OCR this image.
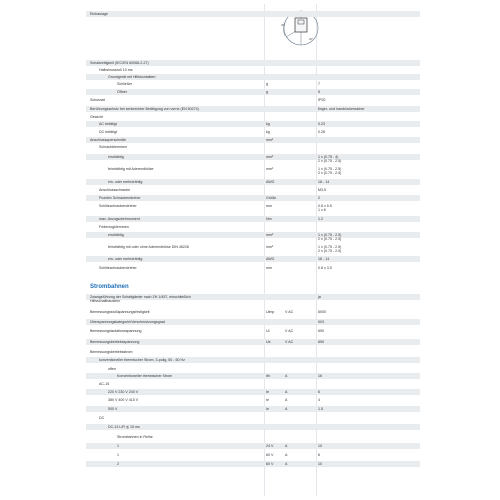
30°
30°
Einbaulage
Schaltzeitigkeit (IEC/EN 60068-2-27)
Halbsinusstoß 10 ms
Grundgerät mit Hilfskontakten
Schließer	g	7
Öffner	g	5
Schutzart	IP20
Berührungsschutz bei senkrechter Betätigung von vorne (EN 50274)	finger- und handrückensicher
Gewicht
AC betätigt	kg	0.23
DC betätigt	kg	0.28
Anschlussquerschnitte	mm²
Schraubklemmen
eindrähtig	mm²	1 x (0.75 - 4)
2 x (0.75 - 2.5)
feindrähtig mit Aderendhülse	mm²	1 x (0.75 - 2.5)
2 x (0.75 - 2.5)
ein- oder mehrdrähtig	AWG	18 - 14
Anschlussschraube	M3,5
Pozidriv Schraubendreher	Größe	2
Schlitzschraubendreher	mm	0.8 x 5.5
1 x 6
max. Anzugsdrehmoment	Nm	1.2
Federzugklemmen
eindrähtig	mm²	1 x (0.75 - 2.5)
2 x (0.75 - 2.5)
feindrähtig mit oder ohne Aderendhülse DIN 46228	mm²	1 x (0.75 - 2.5)
2 x (0.75 - 2.5)
ein- oder mehrdrähtig	AWG	18 - 14
Schlitzschraubendreher	mm	0.8 x 3.5
Strombahnen
Zwangsführung der Schaltglieder nach ZH 1/457, einschließlich
Hilfsschaltbaustein
ja
Bemessungsstoßspannungsfestigkeit	Uimp	V AC	6000
Überspannungskategorie/Verschmutzungsgrad	III/3
Bemessungsisolationsspannung	Ui	V AC	690
Bemessungsbetriebsspannung	Ue	V AC	690
Bemessungsbetriebsstrom
konventioneller thermischer Strom, 3-polig, 50 - 60 Hz
offen
Konventioneller thermischer Strom	Ith	A	16
AC-15
220 V 230 V 240 V	Ie	A	6
380 V 400 V 415 V	Ie	A	4
500 V	Ie	A	1.5
DC
DC-13 L/R ≦ 15 ms
Strombahnen in Reihe
1	24 V	A	10
1	60 V	A	6
2	60 V	A	10
